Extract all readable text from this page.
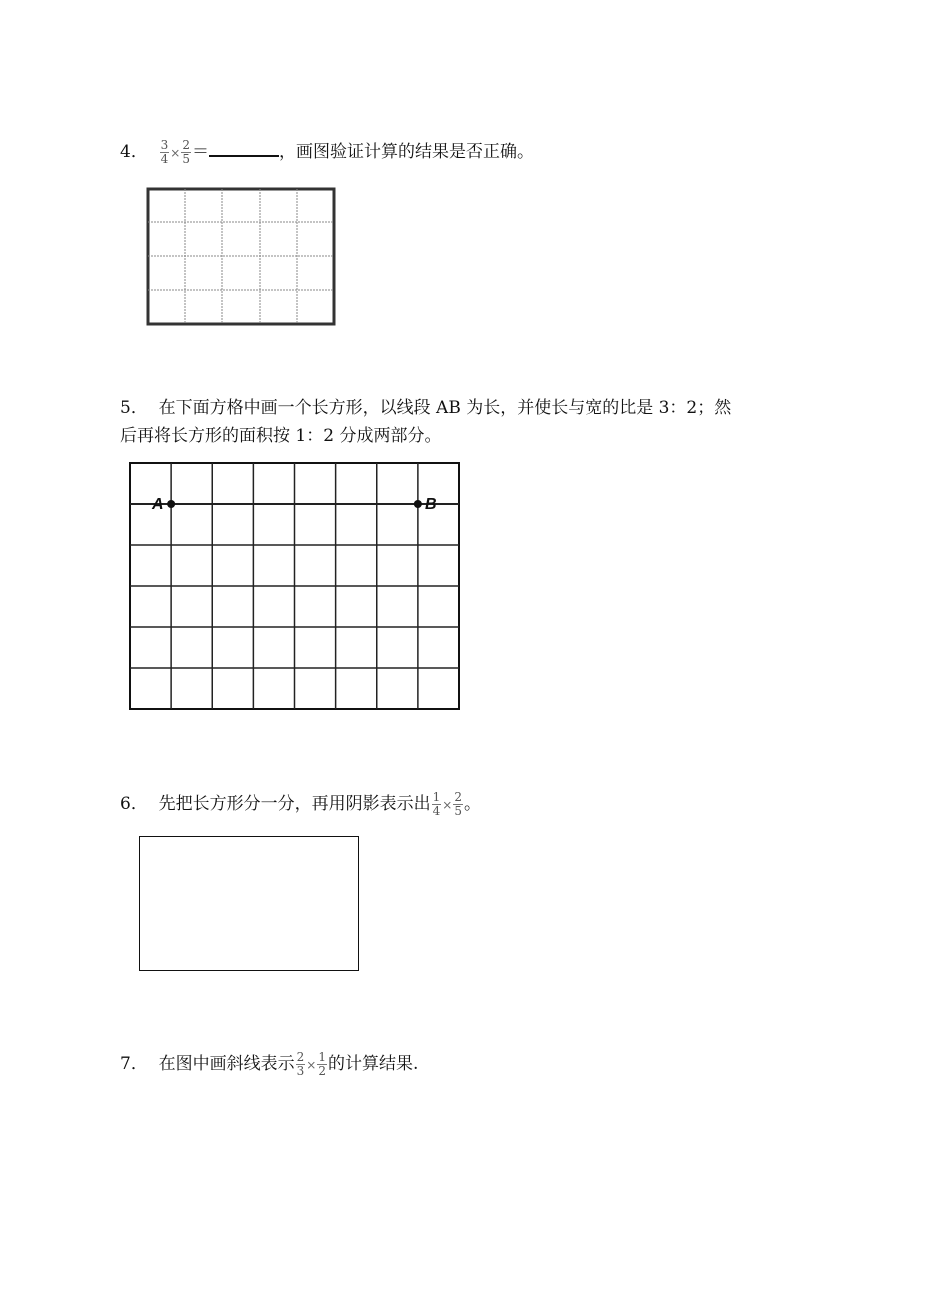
4． $\frac{3}{4} \times \frac{2}{5}$ ＝	，画图验证计算的结果是否正确。
5． 在下面方格中画一个长方形，以线段 AB 为长，并使长与宽的比是 3：2；然
后再将长方形的面积按 1：2 分成两部分。
A	B
6． 先把长方形分一分，再用阴影表示出 $\frac{1}{4} \times \frac{2}{5}$ 。
7． 在图中画斜线表示 $\frac{2}{3} \times \frac{1}{2}$ 的计算结果.
